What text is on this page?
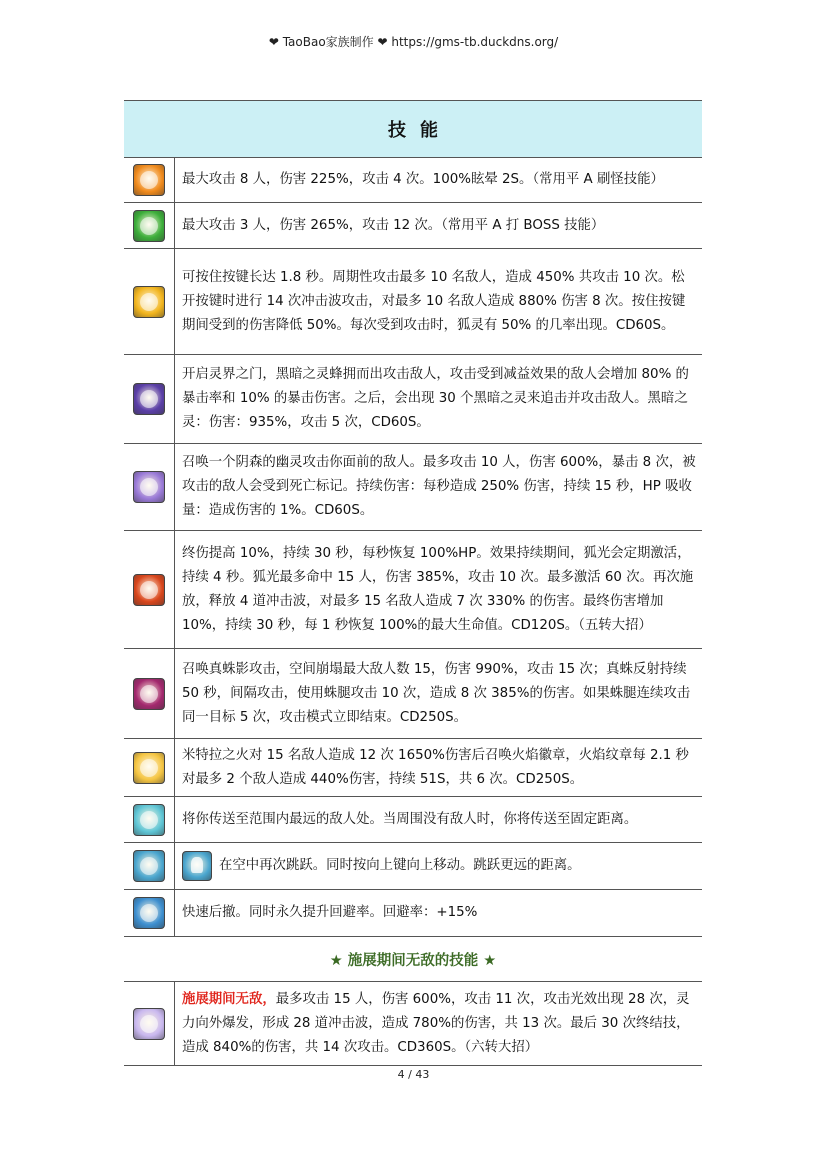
❤ TaoBao家族制作 ❤ https://gms-tb.duckdns.org/
技能
最大攻击 8 人，伤害 225%，攻击 4 次。100%眩晕 2S。（常用平 A 刷怪技能）
最大攻击 3 人，伤害 265%，攻击 12 次。（常用平 A 打 BOSS 技能）
可按住按键长达 1.8 秒。周期性攻击最多 10 名敌人，造成 450% 共攻击 10 次。松开按键时进行 14 次冲击波攻击，对最多 10 名敌人造成 880% 伤害 8 次。按住按键期间受到的伤害降低 50%。每次受到攻击时，狐灵有 50% 的几率出现。CD60S。
开启灵界之门，黑暗之灵蜂拥而出攻击敌人，攻击受到减益效果的敌人会增加 80% 的暴击率和 10% 的暴击伤害。之后，会出现 30 个黑暗之灵来追击并攻击敌人。黑暗之灵：伤害：935%，攻击 5 次，CD60S。
召唤一个阴森的幽灵攻击你面前的敌人。最多攻击 10 人，伤害 600%，暴击 8 次，被攻击的敌人会受到死亡标记。持续伤害：每秒造成 250% 伤害，持续 15 秒，HP 吸收量：造成伤害的 1%。CD60S。
终伤提高 10%，持续 30 秒，每秒恢复 100%HP。效果持续期间，狐光会定期激活，持续 4 秒。狐光最多命中 15 人，伤害 385%，攻击 10 次。最多激活 60 次。再次施放，释放 4 道冲击波，对最多 15 名敌人造成 7 次 330% 的伤害。最终伤害增加 10%，持续 30 秒，每 1 秒恢复 100%的最大生命值。CD120S。（五转大招）
召唤真蛛影攻击，空间崩塌最大敌人数 15，伤害 990%，攻击 15 次；真蛛反射持续 50 秒，间隔攻击，使用蛛腿攻击 10 次，造成 8 次 385%的伤害。如果蛛腿连续攻击同一目标 5 次，攻击模式立即结束。CD250S。
米特拉之火对 15 名敌人造成 12 次 1650%伤害后召唤火焰徽章，火焰纹章每 2.1 秒对最多 2 个敌人造成 440%伤害，持续 51S，共 6 次。CD250S。
将你传送至范围内最远的敌人处。当周围没有敌人时，你将传送至固定距离。
在空中再次跳跃。同时按向上键向上移动。跳跃更远的距离。
快速后撤。同时永久提升回避率。回避率：+15%
★ 施展期间无敌的技能 ★
施展期间无敌，最多攻击 15 人，伤害 600%，攻击 11 次，攻击光效出现 28 次，灵力向外爆发，形成 28 道冲击波，造成 780%的伤害，共 13 次。最后 30 次终结技，造成 840%的伤害，共 14 次攻击。CD360S。（六转大招）
4 / 43
